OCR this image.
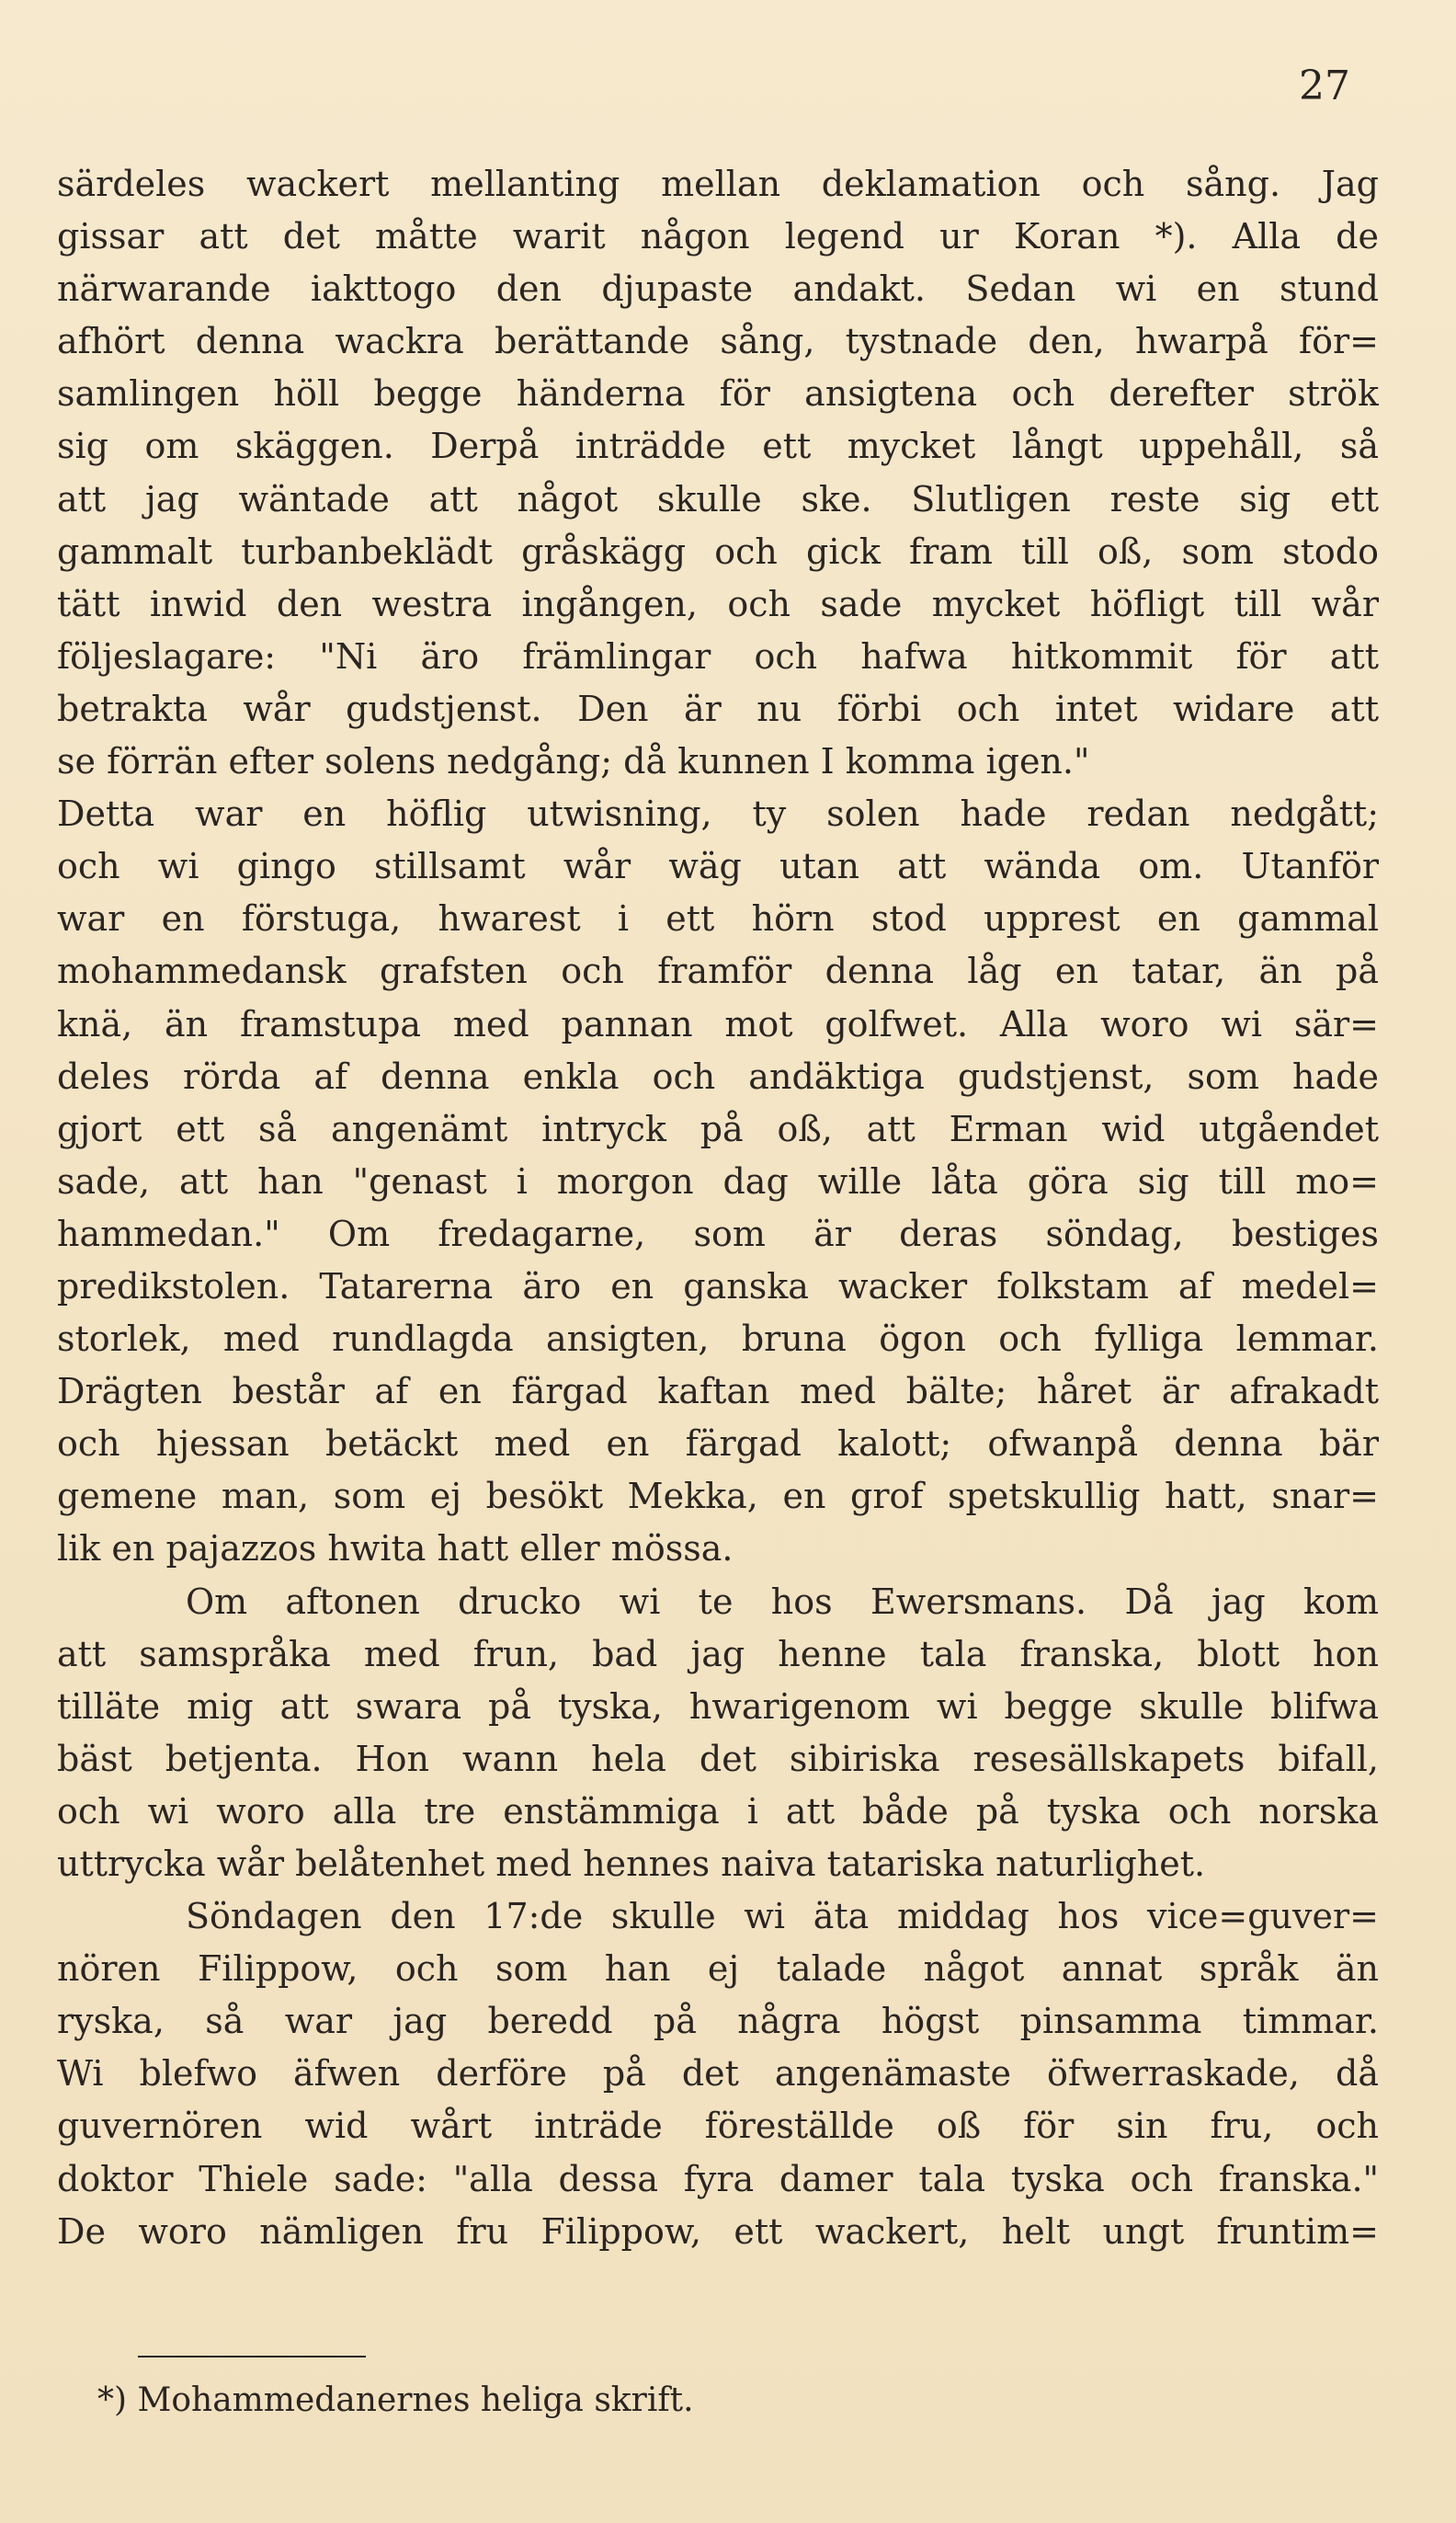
27
särdeles wackert mellanting mellan deklamation och sång. Jag
gissar att det måtte warit någon legend ur Koran *). Alla de
närwarande iakttogo den djupaste andakt. Sedan wi en stund
afhört denna wackra berättande sång, tystnade den, hwarpå för=
samlingen höll begge händerna för ansigtena och derefter strök
sig om skäggen. Derpå inträdde ett mycket långt uppehåll, så
att jag wäntade att något skulle ske. Slutligen reste sig ett
gammalt turbanbeklädt gråskägg och gick fram till oß, som stodo
tätt inwid den westra ingången, och sade mycket höfligt till wår
följeslagare: "Ni äro främlingar och hafwa hitkommit för att
betrakta wår gudstjenst. Den är nu förbi och intet widare att
se förrän efter solens nedgång; då kunnen I komma igen."
Detta war en höflig utwisning, ty solen hade redan nedgått;
och wi gingo stillsamt wår wäg utan att wända om. Utanför
war en förstuga, hwarest i ett hörn stod upprest en gammal
mohammedansk grafsten och framför denna låg en tatar, än på
knä, än framstupa med pannan mot golfwet. Alla woro wi sär=
deles rörda af denna enkla och andäktiga gudstjenst, som hade
gjort ett så angenämt intryck på oß, att Erman wid utgåendet
sade, att han "genast i morgon dag wille låta göra sig till mo=
hammedan." Om fredagarne, som är deras söndag, bestiges
predikstolen. Tatarerna äro en ganska wacker folkstam af medel=
storlek, med rundlagda ansigten, bruna ögon och fylliga lemmar.
Drägten består af en färgad kaftan med bälte; håret är afrakadt
och hjessan betäckt med en färgad kalott; ofwanpå denna bär
gemene man, som ej besökt Mekka, en grof spetskullig hatt, snar=
lik en pajazzos hwita hatt eller mössa.
Om aftonen drucko wi te hos Ewersmans. Då jag kom
att samspråka med frun, bad jag henne tala franska, blott hon
tilläte mig att swara på tyska, hwarigenom wi begge skulle blifwa
bäst betjenta. Hon wann hela det sibiriska resesällskapets bifall,
och wi woro alla tre enstämmiga i att både på tyska och norska
uttrycka wår belåtenhet med hennes naiva tatariska naturlighet.
Söndagen den 17:de skulle wi äta middag hos vice=guver=
nören Filippow, och som han ej talade något annat språk än
ryska, så war jag beredd på några högst pinsamma timmar.
Wi blefwo äfwen derföre på det angenämaste öfwerraskade, då
guvernören wid wårt inträde föreställde oß för sin fru, och
doktor Thiele sade: "alla dessa fyra damer tala tyska och franska."
De woro nämligen fru Filippow, ett wackert, helt ungt fruntim=
*) Mohammedanernes heliga skrift.
